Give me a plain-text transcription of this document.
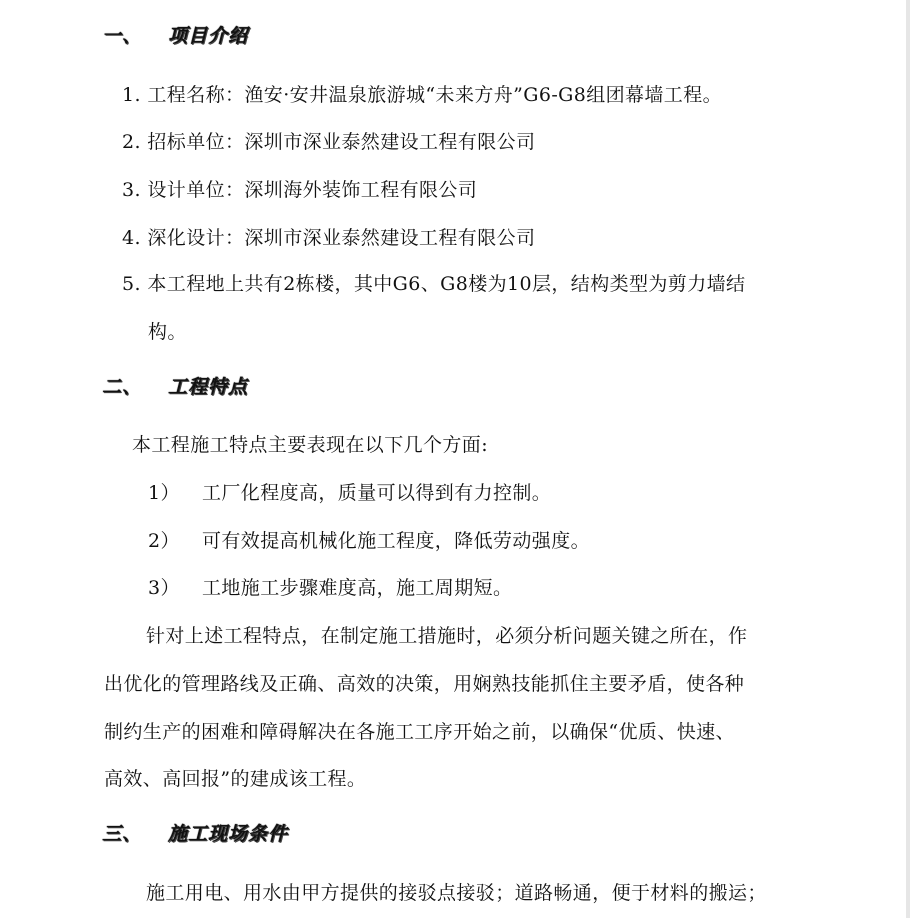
一、 项目介绍
1. 工程名称：渔安·安井温泉旅游城“未来方舟”G6-G8组团幕墙工程。
2. 招标单位：深圳市深业泰然建设工程有限公司
3. 设计单位：深圳海外装饰工程有限公司
4. 深化设计：深圳市深业泰然建设工程有限公司
5. 本工程地上共有2栋楼，其中G6、G8楼为10层，结构类型为剪力墙结
构。
二、 工程特点
本工程施工特点主要表现在以下几个方面:
1） 工厂化程度高，质量可以得到有力控制。
2） 可有效提高机械化施工程度，降低劳动强度。
3） 工地施工步骤难度高，施工周期短。
针对上述工程特点，在制定施工措施时，必须分析问题关键之所在，作
出优化的管理路线及正确、高效的决策，用娴熟技能抓住主要矛盾，使各种
制约生产的困难和障碍解决在各施工工序开始之前，以确保“优质、快速、
高效、高回报”的建成该工程。
三、 施工现场条件
施工用电、用水由甲方提供的接驳点接驳；道路畅通，便于材料的搬运；
